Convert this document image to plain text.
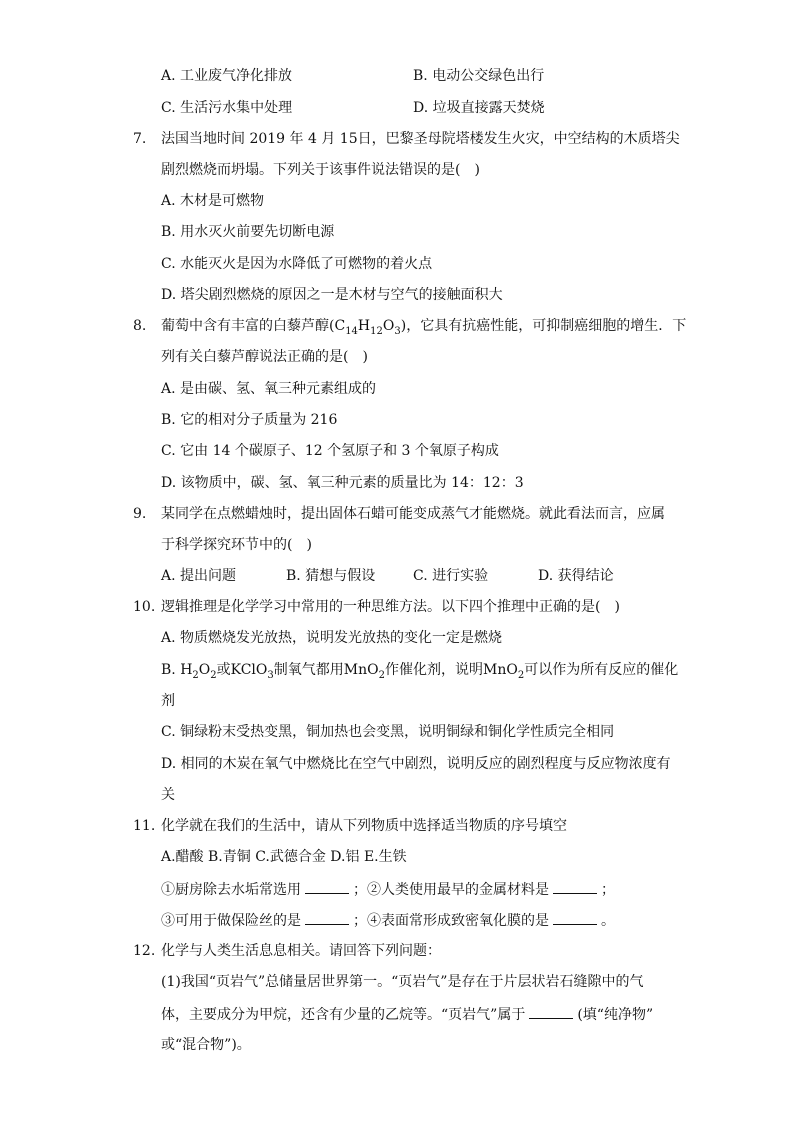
A. 工业废气净化排放	B. 电动公交绿色出行
C. 生活污水集中处理	D. 垃圾直接露天焚烧
7. 法国当地时间 2019 年 4 月 15日，巴黎圣母院塔楼发生火灾，中空结构的木质塔尖
剧烈燃烧而坍塌。下列关于该事件说法错误的是(　)
A. 木材是可燃物
B. 用水灭火前要先切断电源
C. 水能灭火是因为水降低了可燃物的着火点
D. 塔尖剧烈燃烧的原因之一是木材与空气的接触面积大
8. 葡萄中含有丰富的白藜芦醇$(C_{14}H_{12}O_3)$，它具有抗癌性能，可抑制癌细胞的增生．下
列有关白藜芦醇说法正确的是(　)
A. 是由碳、氢、氧三种元素组成的
B. 它的相对分子质量为 216
C. 它由 14 个碳原子、12 个氢原子和 3 个氧原子构成
D. 该物质中，碳、氢、氧三种元素的质量比为 14：12：3
9. 某同学在点燃蜡烛时，提出固体石蜡可能变成蒸气才能燃烧。就此看法而言，应属
于科学探究环节中的(　)
A. 提出问题	B. 猜想与假设	C. 进行实验	D. 获得结论
10. 逻辑推理是化学学习中常用的一种思维方法。以下四个推理中正确的是(　)
A. 物质燃烧发光放热，说明发光放热的变化一定是燃烧
B. $H_2O_2$或KClO$_3$制氧气都用MnO$_2$作催化剂，说明MnO$_2$可以作为所有反应的催化
剂
C. 铜绿粉末受热变黑，铜加热也会变黑，说明铜绿和铜化学性质完全相同
D. 相同的木炭在氧气中燃烧比在空气中剧烈，说明反应的剧烈程度与反应物浓度有
关
11. 化学就在我们的生活中，请从下列物质中选择适当物质的序号填空
A.醋酸 B.青铜 C.武德合金 D.铝 E.生铁
①厨房除去水垢常选用	；②人类使用最早的金属材料是	；
③可用于做保险丝的是	；④表面常形成致密氧化膜的是	。
12. 化学与人类生活息息相关。请回答下列问题：
(1)我国“页岩气”总储量居世界第一。“页岩气”是存在于片层状岩石缝隙中的气
体，主要成分为甲烷，还含有少量的乙烷等。“页岩气”属于	(填“纯净物”
或“混合物”)。
